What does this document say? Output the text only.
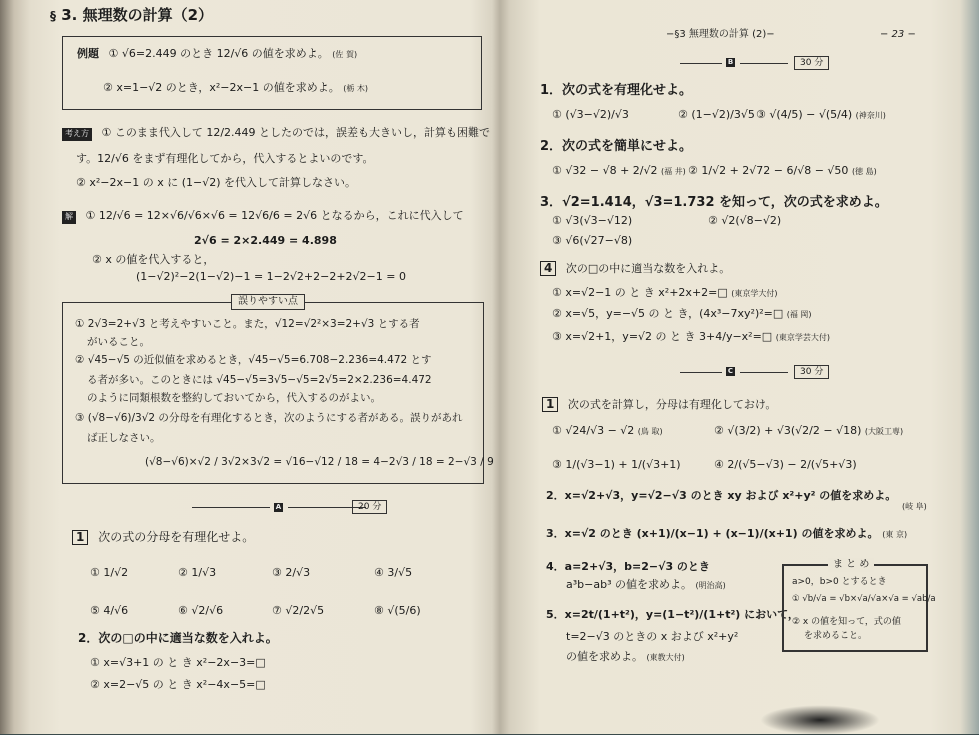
§ 3. 無理数の計算（2）
例題 ① √6=2.449 のとき 12/√6 の値を求めよ。 (佐 賀)
② x=1−√2 のとき，x²−2x−1 の値を求めよ。 (栃 木)
考え方 ① このまま代入して 12/2.449 としたのでは，誤差も大きいし，計算も困難で
す。12/√6 をまず有理化してから，代入するとよいのです。
② x²−2x−1 の x に (1−√2) を代入して計算しなさい。
解 ① 12/√6 = 12×√6/√6×√6 = 12√6/6 = 2√6 となるから，これに代入して
2√6 = 2×2.449 = 4.898
② x の値を代入すると，
(1−√2)²−2(1−√2)−1 = 1−2√2+2−2+2√2−1 = 0
誤りやすい点
① 2√3=2+√3 と考えやすいこと。また，√12=√2²×3=2+√3 とする者
がいること。
② √45−√5 の近似値を求めるとき，√45−√5=6.708−2.236=4.472 とす
る者が多い。このときには √45−√5=3√5−√5=2√5=2×2.236=4.472
のように同類根数を整約しておいてから，代入するのがよい。
③ (√8−√6)/3√2 の分母を有理化するとき，次のようにする者がある。誤りがあれ
ば正しなさい。
(√8−√6)×√2 / 3√2×3√2 = √16−√12 / 18 = 4−2√3 / 18 = 2−√3 / 9
A	20 分
1 次の式の分母を有理化せよ。
① 1/√2	② 1/√3	③ 2/√3	④ 3/√5
⑤ 4/√6	⑥ √2/√6	⑦ √2/2√5	⑧ √(5/6)
2．次の□の中に適当な数を入れよ。
① x=√3+1 の と き x²−2x−3=□
② x=2−√5 の と き x²−4x−5=□
−§3 無理数の計算 (2)−	− 23 −
B	30 分
1．次の式を有理化せよ。
① (√3−√2)/√3	② (1−√2)/3√5 ③ √(4/5) − √(5/4) (神奈川)
2．次の式を簡単にせよ。
① √32 − √8 + 2/√2 (福 井) ② 1/√2 + 2√72 − 6/√8 − √50 (徳 島)
3．√2=1.414，√3=1.732 を知って，次の式を求めよ。
① √3(√3−√12)	② √2(√8−√2)
③ √6(√27−√8)
4 次の□の中に適当な数を入れよ。
① x=√2−1 の と き x²+2x+2=□ (東京学大付)
② x=√5，y=−√5 の と き，(4x³−7xy²)²=□ (福 岡)
③ x=√2+1，y=√2 の と き 3+4/y−x²=□ (東京学芸大付)
C	30 分
1 次の式を計算し，分母は有理化しておけ。
① √24/√3 − √2 (鳥 取)	② √(3/2) + √3(√2/2 − √18) (大阪工専)
③ 1/(√3−1) + 1/(√3+1)	④ 2/(√5−√3) − 2/(√5+√3)
2．x=√2+√3，y=√2−√3 のとき xy および x²+y² の値を求めよ。
(岐 阜)
3．x=√2 のとき (x+1)/(x−1) + (x−1)/(x+1) の値を求めよ。 (東 京)
4．a=2+√3，b=2−√3 のとき
a³b−ab³ の値を求めよ。 (明治高)
5．x=2t/(1+t²)，y=(1−t²)/(1+t²) において，
t=2−√3 のときの x および x²+y²
の値を求めよ。 (東教大付)
ま と め
a>0，b>0 とするとき
① √b/√a = √b×√a/√a×√a = √ab/a
② x の値を知って，式の値
を求めること。
